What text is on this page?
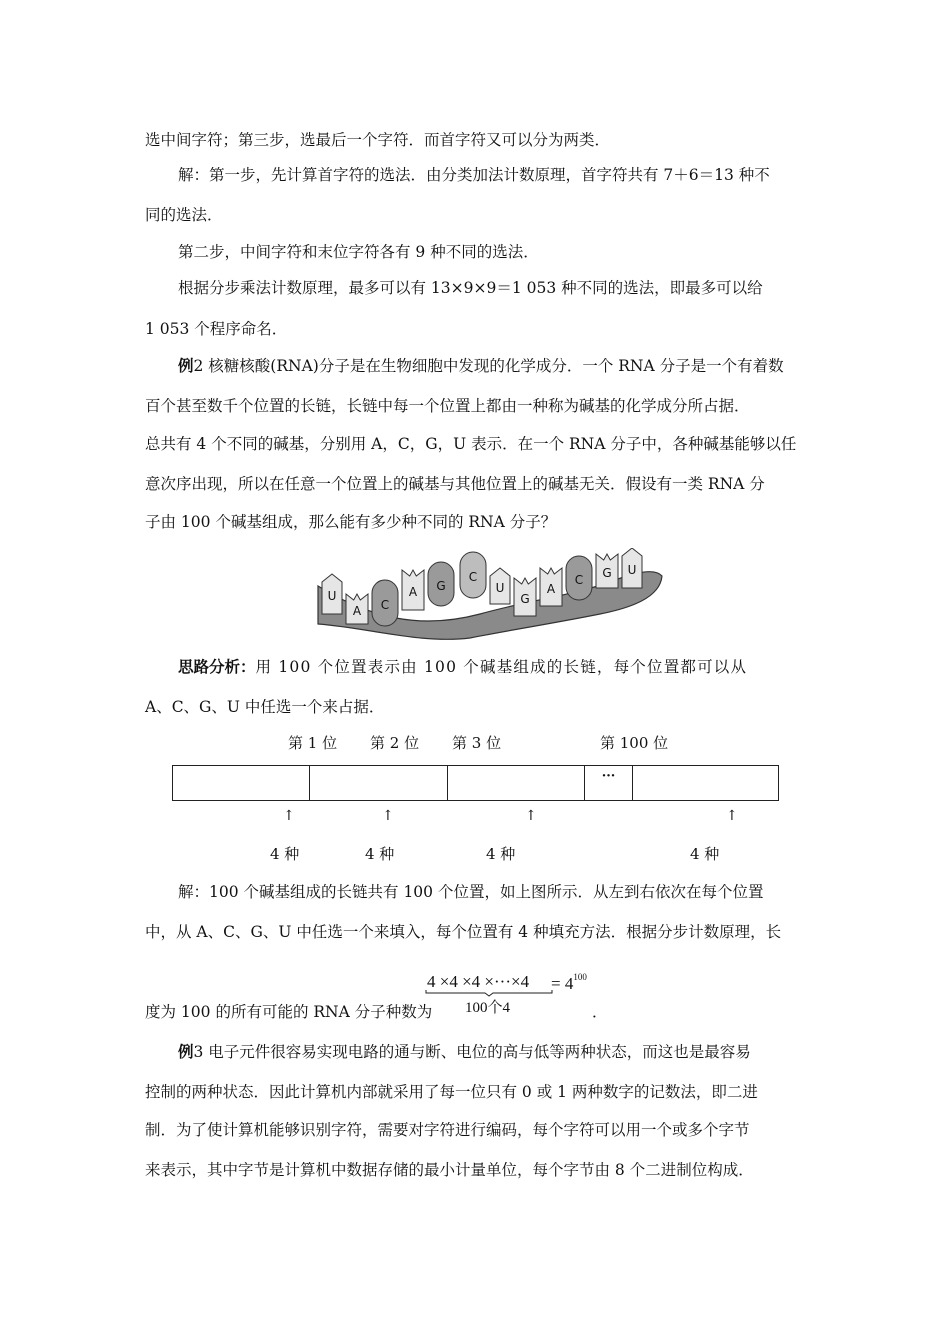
选中间字符；第三步，选最后一个字符．而首字符又可以分为两类．
解：第一步，先计算首字符的选法．由分类加法计数原理，首字符共有 7＋6＝13 种不
同的选法．
第二步，中间字符和末位字符各有 9 种不同的选法．
根据分步乘法计数原理，最多可以有 13×9×9＝1 053 种不同的选法，即最多可以给
1 053 个程序命名．
例2 核糖核酸(RNA)分子是在生物细胞中发现的化学成分．一个 RNA 分子是一个有着数
百个甚至数千个位置的长链，长链中每一个位置上都由一种称为碱基的化学成分所占据．
总共有 4 个不同的碱基，分别用 A，C，G，U 表示．在一个 RNA 分子中，各种碱基能够以任
意次序出现，所以在任意一个位置上的碱基与其他位置上的碱基无关．假设有一类 RNA 分
子由 100 个碱基组成，那么能有多少种不同的 RNA 分子？
U
A C
A G
C
U
G
A
C G U
思路分析：用 100 个位置表示由 100 个碱基组成的长链，每个位置都可以从
A、C、G、U 中任选一个来占据．
第 1 位 第 2 位 第 3 位	第 100 位
···
↑	↑	↑	↑
4 种	4 种	4 种	4 种
解：100 个碱基组成的长链共有 100 个位置，如上图所示．从左到右依次在每个位置
中，从 A、C、G、U 中任选一个来填入，每个位置有 4 种填充方法．根据分步计数原理，长
度为 100 的所有可能的 RNA 分子种数为
$4 \times 4 \times 4 \times\cdot\cdot\cdot\times 4 = 4^{100}$
100个4	．
例3 电子元件很容易实现电路的通与断、电位的高与低等两种状态，而这也是最容易
控制的两种状态．因此计算机内部就采用了每一位只有 0 或 1 两种数字的记数法，即二进
制．为了使计算机能够识别字符，需要对字符进行编码，每个字符可以用一个或多个字节
来表示，其中字节是计算机中数据存储的最小计量单位，每个字节由 8 个二进制位构成．
